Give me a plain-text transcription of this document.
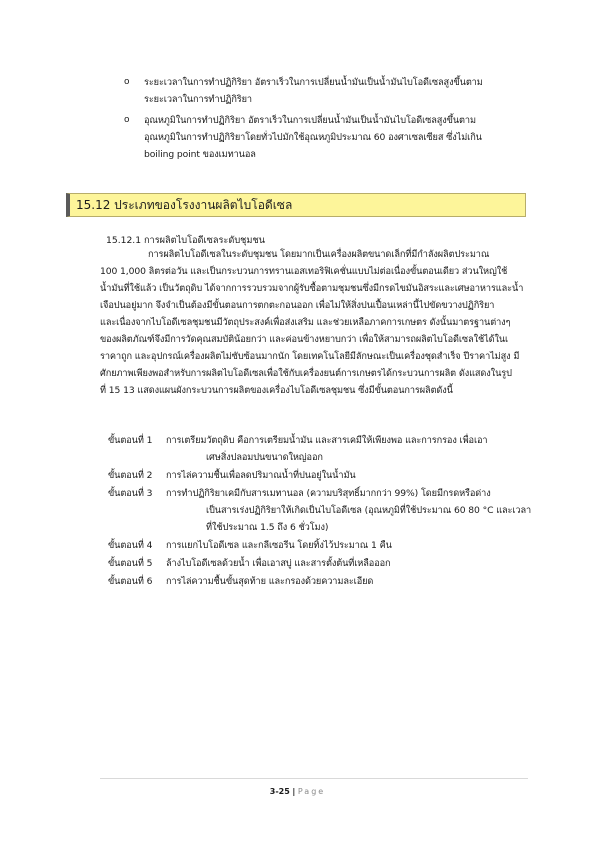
o ระยะเวลาในการทำปฏิกิริยา อัตราเร็วในการเปลี่ยนน้ำมันเป็นน้ำมันไบโอดีเซลสูงขึ้นตาม
ระยะเวลาในการทำปฏิกิริยา
o อุณหภูมิในการทำปฏิกิริยา อัตราเร็วในการเปลี่ยนน้ำมันเป็นน้ำมันไบโอดีเซลสูงขึ้นตาม
อุณหภูมิในการทำปฏิกิริยาโดยทั่วไปมักใช้อุณหภูมิประมาณ 60 องศาเซลเซียส ซึ่งไม่เกิน
boiling point ของเมทานอล
15.12 ประเภทของโรงงานผลิตไบโอดีเซล
15.12.1 การผลิตไบโอดีเซลระดับชุมชน
การผลิตไบโอดีเซลในระดับชุมชน โดยมากเป็นเครื่องผลิตขนาดเล็กที่มีกำลังผลิตประมาณ
100 1,000 ลิตรต่อวัน และเป็นกระบวนการทรานเอสเทอริฟิเคชั่นแบบไม่ต่อเนื่องขั้นตอนเดียว ส่วนใหญ่ใช้
น้ำมันที่ใช้แล้ว เป็นวัตถุดิบ ได้จากการรวบรวมจากผู้รับซื้อตามชุมชนซึ่งมีกรดไขมันอิสระและเศษอาหารและน้ำ
เจือปนอยู่มาก จึงจำเป็นต้องมีขั้นตอนการตกตะกอนออก เพื่อไม่ให้สิ่งปนเปื้อนเหล่านี้ไปขัดขวางปฏิกิริยา
และเนื่องจากไบโอดีเซลชุมชนมีวัตถุประสงค์เพื่อส่งเสริม และช่วยเหลือภาคการเกษตร ดังนั้นมาตรฐานต่างๆ
ของผลิตภัณฑ์จึงมีการวัดคุณสมบัติน้อยกว่า และค่อนข้างหยาบกว่า เพื่อให้สามารถผลิตไบโอดีเซลใช้ได้ในเ
ราคาถูก และอุปกรณ์เครื่องผลิตไม่ซับซ้อนมากนัก โดยเทคโนโลยีมีลักษณะเป็นเครื่องชุดสำเร็จ ปีราคาไม่สูง มี
ศักยภาพเพียงพอสำหรับการผลิตไบโอดีเซลเพื่อใช้กับเครื่องยนต์การเกษตรได้กระบวนการผลิต ดังแสดงในรูป
ที่ 15 13 แสดงแผนผังกระบวนการผลิตของเครื่องไบโอดีเซลชุมชน ซึ่งมีขั้นตอนการผลิตดังนี้
ขั้นตอนที่ 1 การเตรียมวัตถุดิบ คือการเตรียมน้ำมัน และสารเคมีให้เพียงพอ และการกรอง เพื่อเอา
เศษสิ่งปลอมปนขนาดใหญ่ออก
ขั้นตอนที่ 2 การไล่ความชื้นเพื่อลดปริมาณน้ำที่ปนอยู่ในน้ำมัน
ขั้นตอนที่ 3 การทำปฏิกิริยาเคมีกับสารเมทานอล (ความบริสุทธิ์มากกว่า 99%) โดยมีกรดหรือด่าง
เป็นสารเร่งปฏิกิริยาให้เกิดเป็นไบโอดีเซล (อุณหภูมิที่ใช้ประมาณ 60 80 °C และเวลา
ที่ใช้ประมาณ 1.5 ถึง 6 ชั่วโมง)
ขั้นตอนที่ 4 การแยกไบโอดีเซล และกลีเซอรีน โดยทิ้งไว้ประมาณ 1 คืน
ขั้นตอนที่ 5 ล้างไบโอดีเซลด้วยน้ำ เพื่อเอาสบู่ และสารตั้งต้นที่เหลือออก
ขั้นตอนที่ 6 การไล่ความชื้นขั้นสุดท้าย และกรองด้วยความละเอียด
3-25 | Page
